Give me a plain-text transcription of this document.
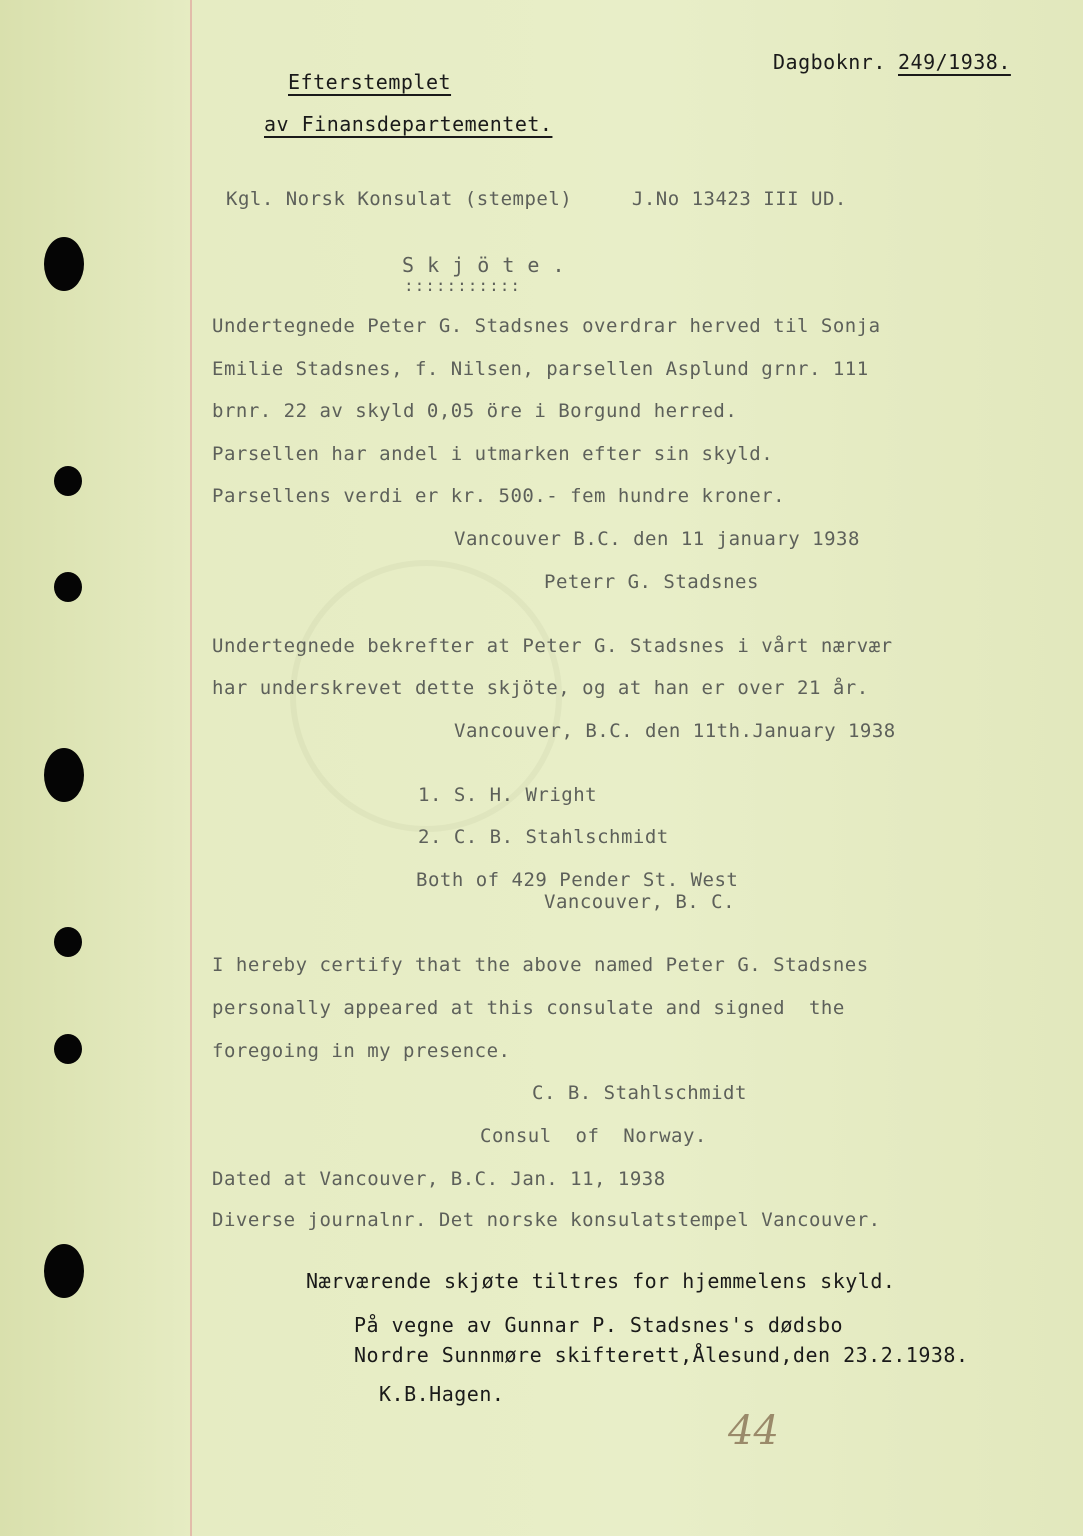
Dagboknr. 249/1938.
Efterstemplet
av Finansdepartementet.
Kgl. Norsk Konsulat (stempel)     J.No 13423 III UD.
S k j ö t e .
:::::::::::
Undertegnede Peter G. Stadsnes overdrar herved til Sonja
Emilie Stadsnes, f. Nilsen, parsellen Asplund grnr. 111
brnr. 22 av skyld 0,05 öre i Borgund herred.
Parsellen har andel i utmarken efter sin skyld.
Parsellens verdi er kr. 500.- fem hundre kroner.
Vancouver B.C. den 11 january 1938
Peterr G. Stadsnes
Undertegnede bekrefter at Peter G. Stadsnes i vårt nærvær
har underskrevet dette skjöte, og at han er over 21 år.
Vancouver, B.C. den 11th.January 1938
1. S. H. Wright
2. C. B. Stahlschmidt
Both of 429 Pender St. West
Vancouver, B. C.
I hereby certify that the above named Peter G. Stadsnes
personally appeared at this consulate and signed  the
foregoing in my presence.
C. B. Stahlschmidt
Consul  of  Norway.
Dated at Vancouver, B.C. Jan. 11, 1938
Diverse journalnr. Det norske konsulatstempel Vancouver.
Nærværende skjøte tiltres for hjemmelens skyld.
På vegne av Gunnar P. Stadsnes's dødsbo
Nordre Sunnmøre skifterett,Ålesund,den 23.2.1938.
K.B.Hagen.
44
